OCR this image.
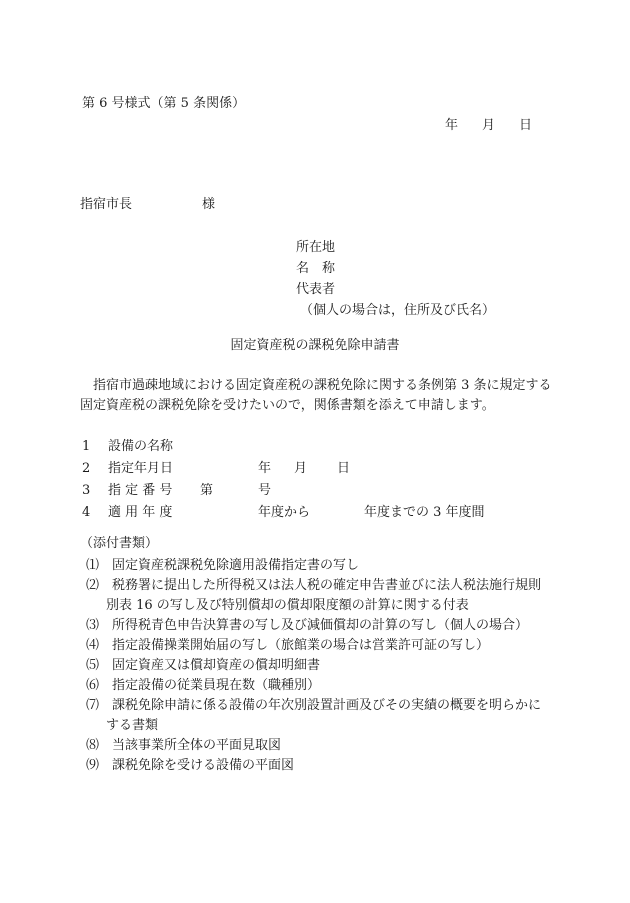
第 6 号様式（第 5 条関係）
年 月 日
指宿市長	様
所在地
名　称
代表者
（個人の場合は，住所及び氏名）
固定資産税の課税免除申請書
指宿市過疎地域における固定資産税の課税免除に関する条例第 3 条に規定する
固定資産税の課税免除を受けたいので，関係書類を添えて申請します。
1 設備の名称
2 指定年月日	年 月 日
3 指 定 番 号 第	号
4 適 用 年 度	年度から	年度までの 3 年度間
（添付書類）
⑴ 固定資産税課税免除適用設備指定書の写し
⑵ 税務署に提出した所得税又は法人税の確定申告書並びに法人税法施行規則
別表 16 の写し及び特別償却の償却限度額の計算に関する付表
⑶ 所得税青色申告決算書の写し及び減価償却の計算の写し（個人の場合）
⑷ 指定設備操業開始届の写し（旅館業の場合は営業許可証の写し）
⑸ 固定資産又は償却資産の償却明細書
⑹ 指定設備の従業員現在数（職種別）
⑺ 課税免除申請に係る設備の年次別設置計画及びその実績の概要を明らかに
する書類
⑻ 当該事業所全体の平面見取図
⑼ 課税免除を受ける設備の平面図
